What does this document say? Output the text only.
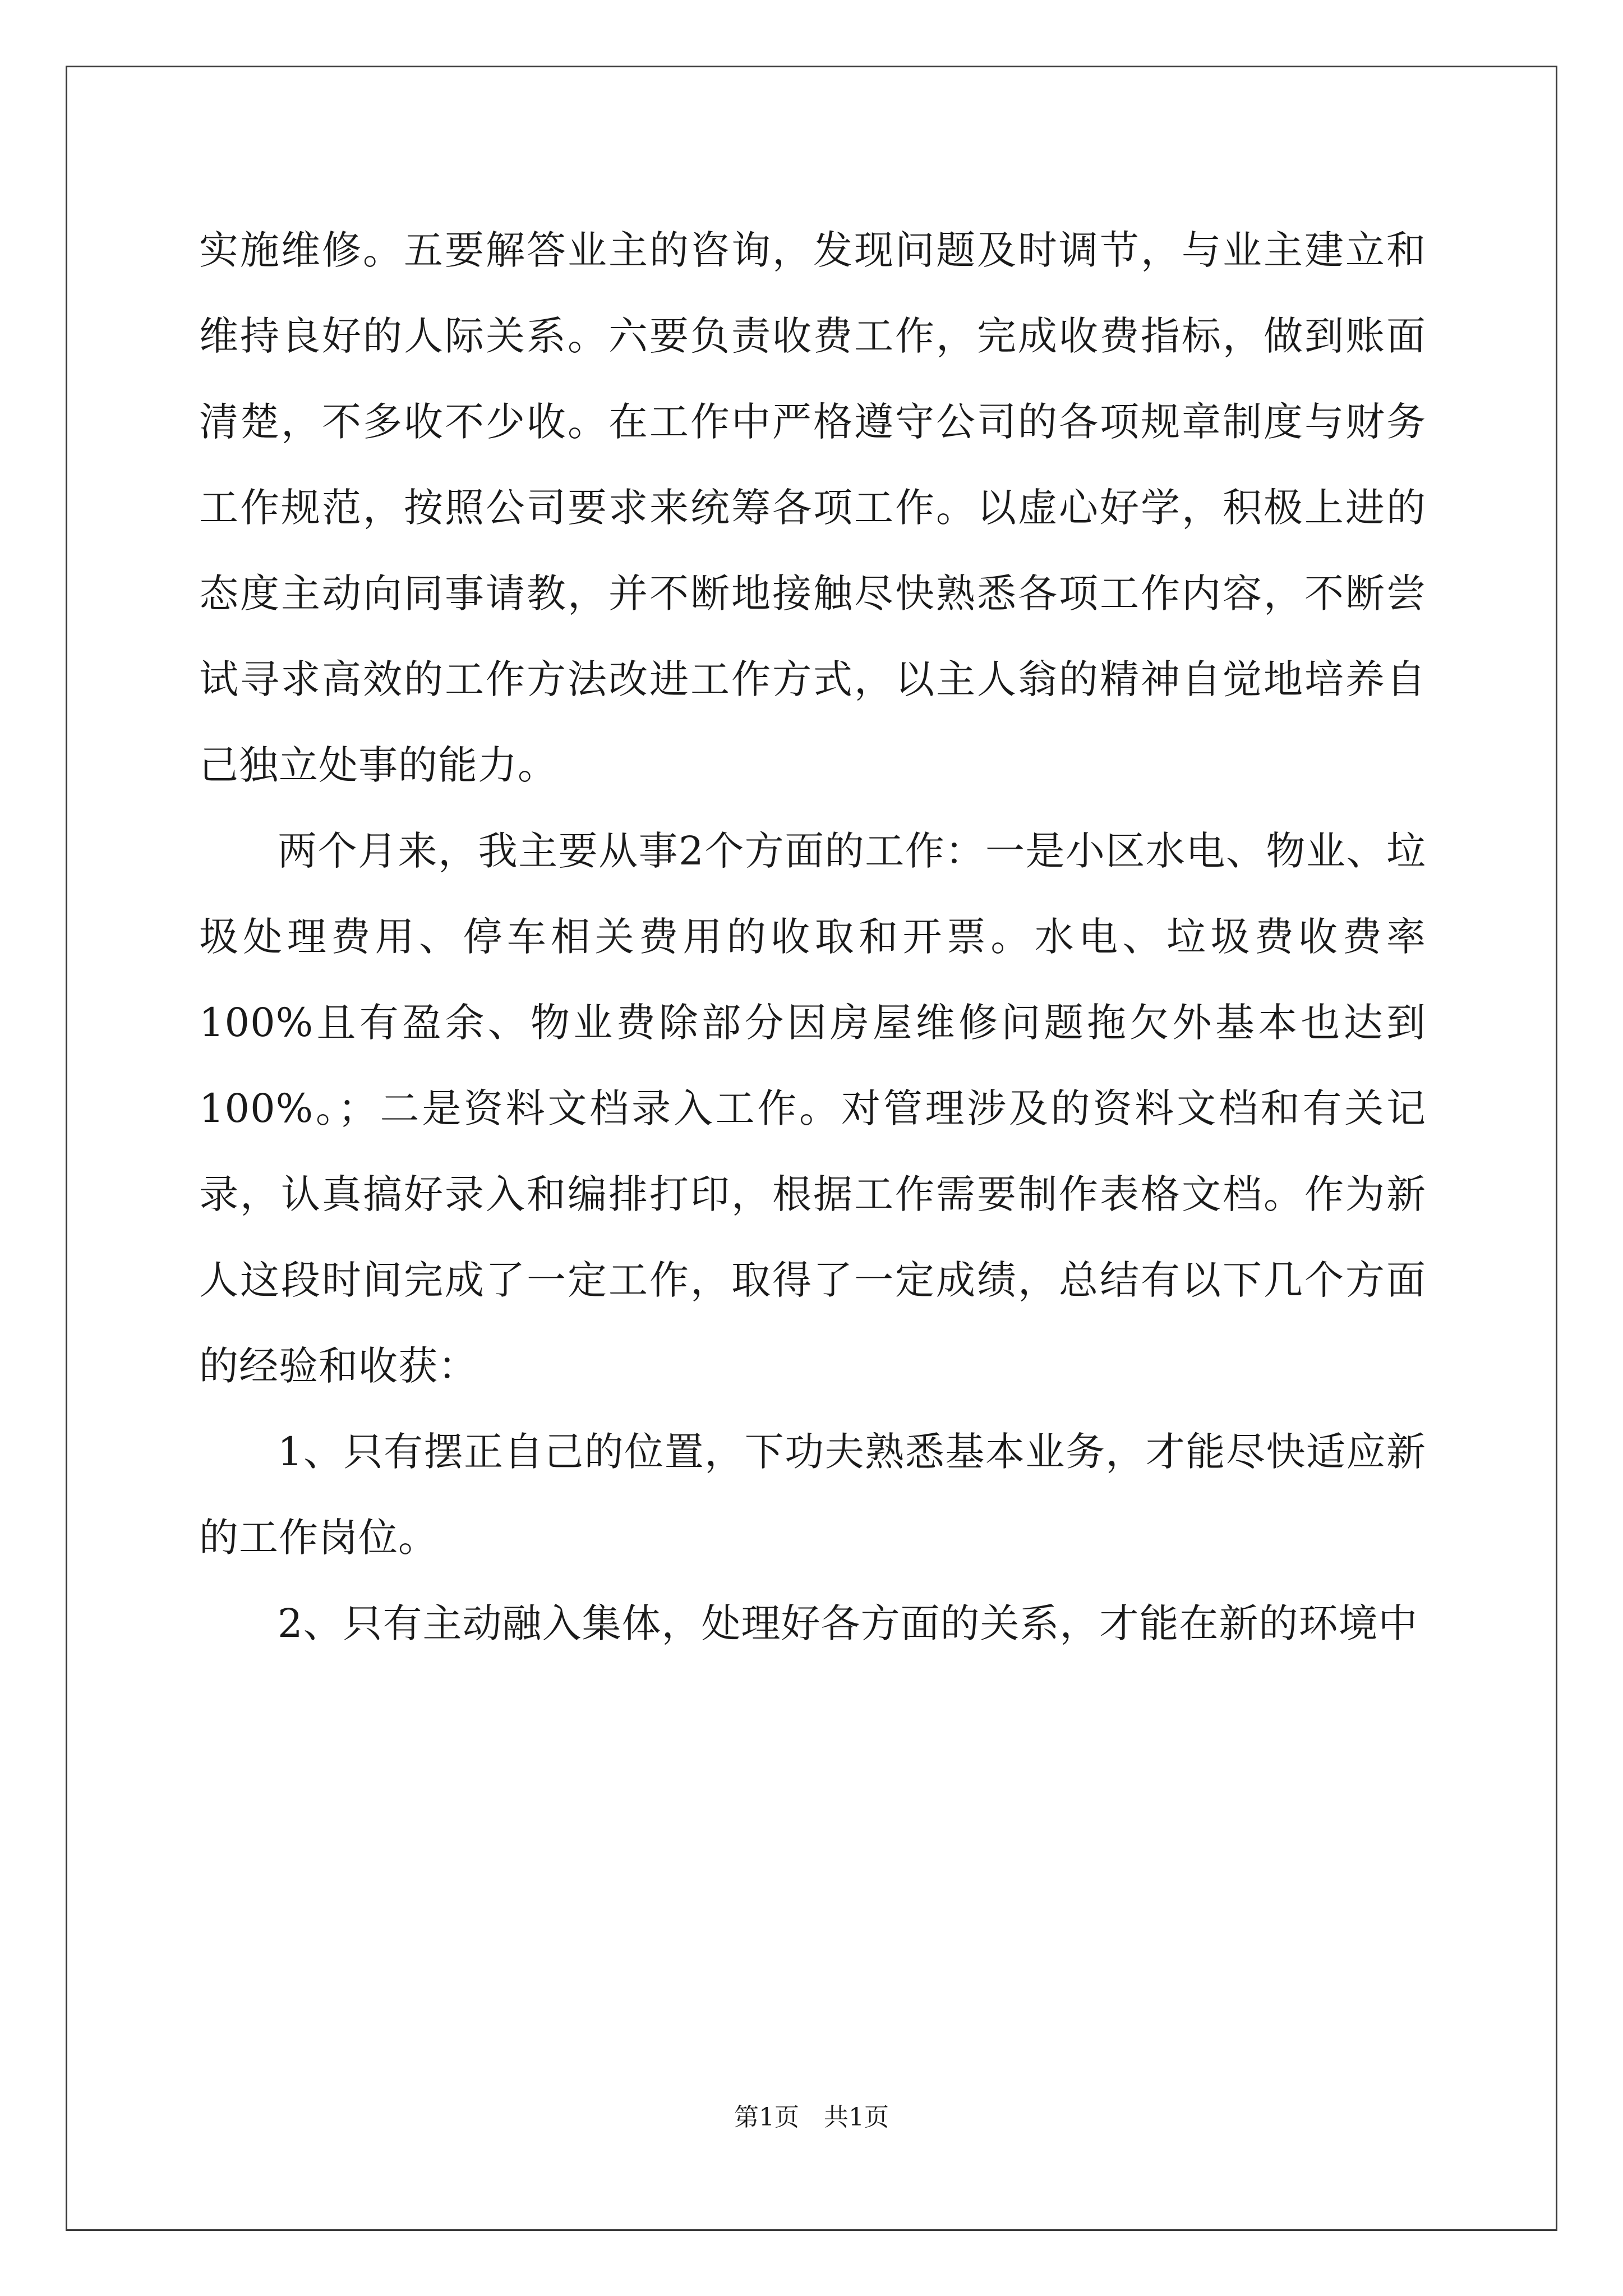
实施维修。五要解答业主的咨询，发现问题及时调节，与业主建立和维持良好的人际关系。六要负责收费工作，完成收费指标，做到账面清楚，不多收不少收。在工作中严格遵守公司的各项规章制度与财务工作规范，按照公司要求来统筹各项工作。以虚心好学，积极上进的态度主动向同事请教，并不断地接触尽快熟悉各项工作内容，不断尝试寻求高效的工作方法改进工作方式，以主人翁的精神自觉地培养自己独立处事的能力。

两个月来，我主要从事2个方面的工作：一是小区水电、物业、垃圾处理费用、停车相关费用的收取和开票。水电、垃圾费收费率100%且有盈余、物业费除部分因房屋维修问题拖欠外基本也达到100%。；二是资料文档录入工作。对管理涉及的资料文档和有关记录，认真搞好录入和编排打印，根据工作需要制作表格文档。作为新人这段时间完成了一定工作，取得了一定成绩，总结有以下几个方面的经验和收获：

1、只有摆正自己的位置，下功夫熟悉基本业务，才能尽快适应新的工作岗位。

2、只有主动融入集体，处理好各方面的关系，才能在新的环境中

第1页 共1页
